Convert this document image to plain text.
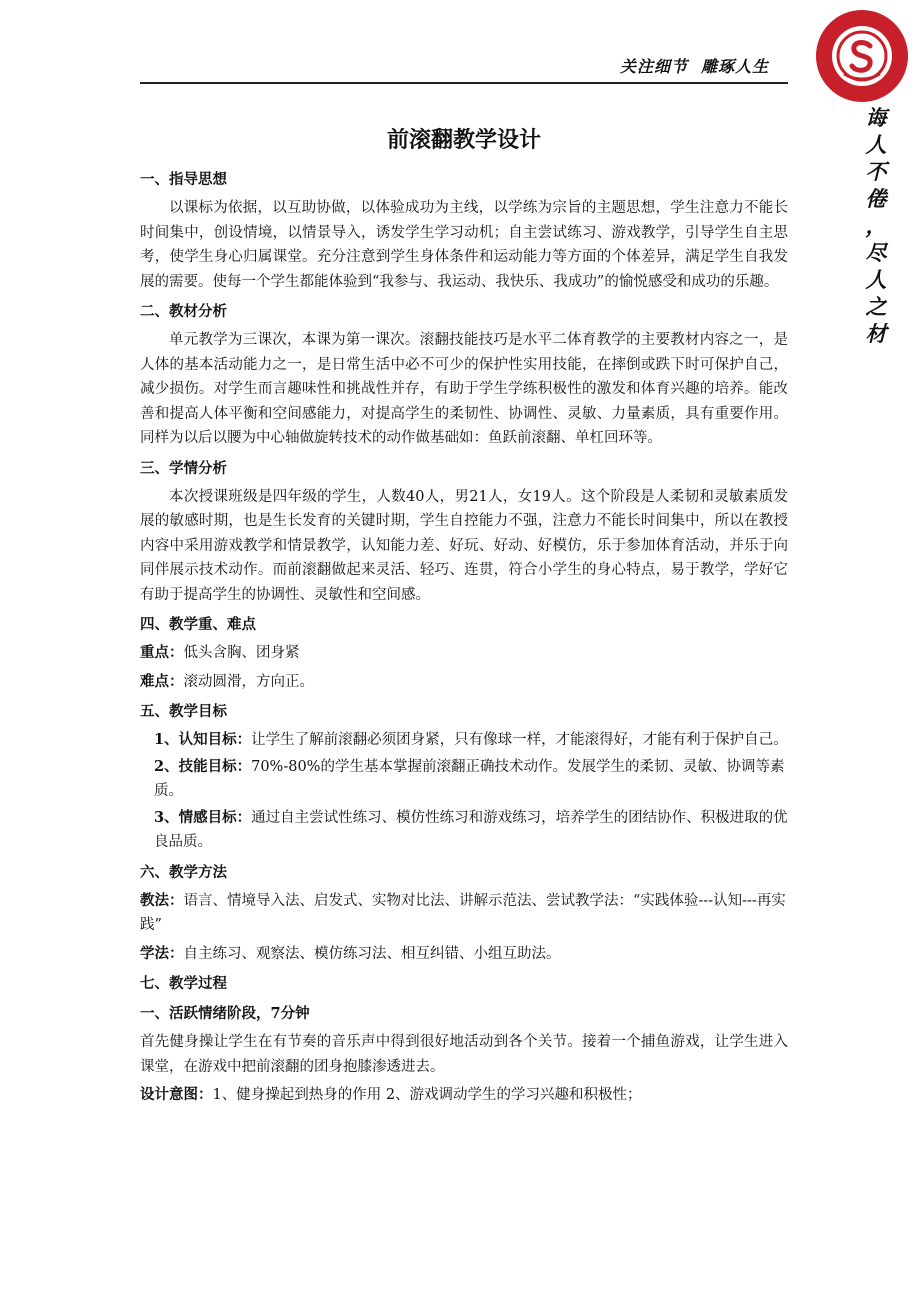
关注细节  雕琢人生
诲
人
不
倦
，
尽
人
之
材
前滚翻教学设计
一、指导思想

以课标为依据，以互助协做，以体验成功为主线，以学练为宗旨的主题思想，学生注意力不能长时间集中，创设情境，以情景导入，诱发学生学习动机；自主尝试练习、游戏教学，引导学生自主思考，使学生身心归属课堂。充分注意到学生身体条件和运动能力等方面的个体差异，满足学生自我发展的需要。使每一个学生都能体验到“我参与、我运动、我快乐、我成功”的愉悦感受和成功的乐趣。

二、教材分析

单元教学为三课次，本课为第一课次。滚翻技能技巧是水平二体育教学的主要教材内容之一，是人体的基本活动能力之一，是日常生活中必不可少的保护性实用技能，在摔倒或跌下时可保护自己，减少损伤。对学生而言趣味性和挑战性并存，有助于学生学练积极性的激发和体育兴趣的培养。能改善和提高人体平衡和空间感能力，对提高学生的柔韧性、协调性、灵敏、力量素质，具有重要作用。同样为以后以腰为中心轴做旋转技术的动作做基础如：鱼跃前滚翻、单杠回环等。

三、学情分析

本次授课班级是四年级的学生，人数40人，男21人，女19人。这个阶段是人柔韧和灵敏素质发展的敏感时期，也是生长发育的关键时期，学生自控能力不强，注意力不能长时间集中，所以在教授内容中采用游戏教学和情景教学，认知能力差、好玩、好动、好模仿，乐于参加体育活动，并乐于向同伴展示技术动作。而前滚翻做起来灵活、轻巧、连贯，符合小学生的身心特点，易于教学，学好它有助于提高学生的协调性、灵敏性和空间感。

四、教学重、难点
重点：低头含胸、团身紧
难点：滚动圆滑，方向正。
五、教学目标
1、认知目标：让学生了解前滚翻必须团身紧，只有像球一样，才能滚得好，才能有利于保护自己。
2、技能目标：70%-80%的学生基本掌握前滚翻正确技术动作。发展学生的柔韧、灵敏、协调等素质。
3、情感目标：通过自主尝试性练习、模仿性练习和游戏练习，培养学生的团结协作、积极进取的优良品质。
六、教学方法
教法：语言、情境导入法、启发式、实物对比法、讲解示范法、尝试教学法：“实践体验---认知---再实践”
学法：自主练习、观察法、模仿练习法、相互纠错、小组互助法。
七、教学过程
一、活跃情绪阶段，7分钟

首先健身操让学生在有节奏的音乐声中得到很好地活动到各个关节。接着一个捕鱼游戏，让学生进入课堂，在游戏中把前滚翻的团身抱膝渗透进去。

设计意图：1、健身操起到热身的作用 2、游戏调动学生的学习兴趣和积极性；
